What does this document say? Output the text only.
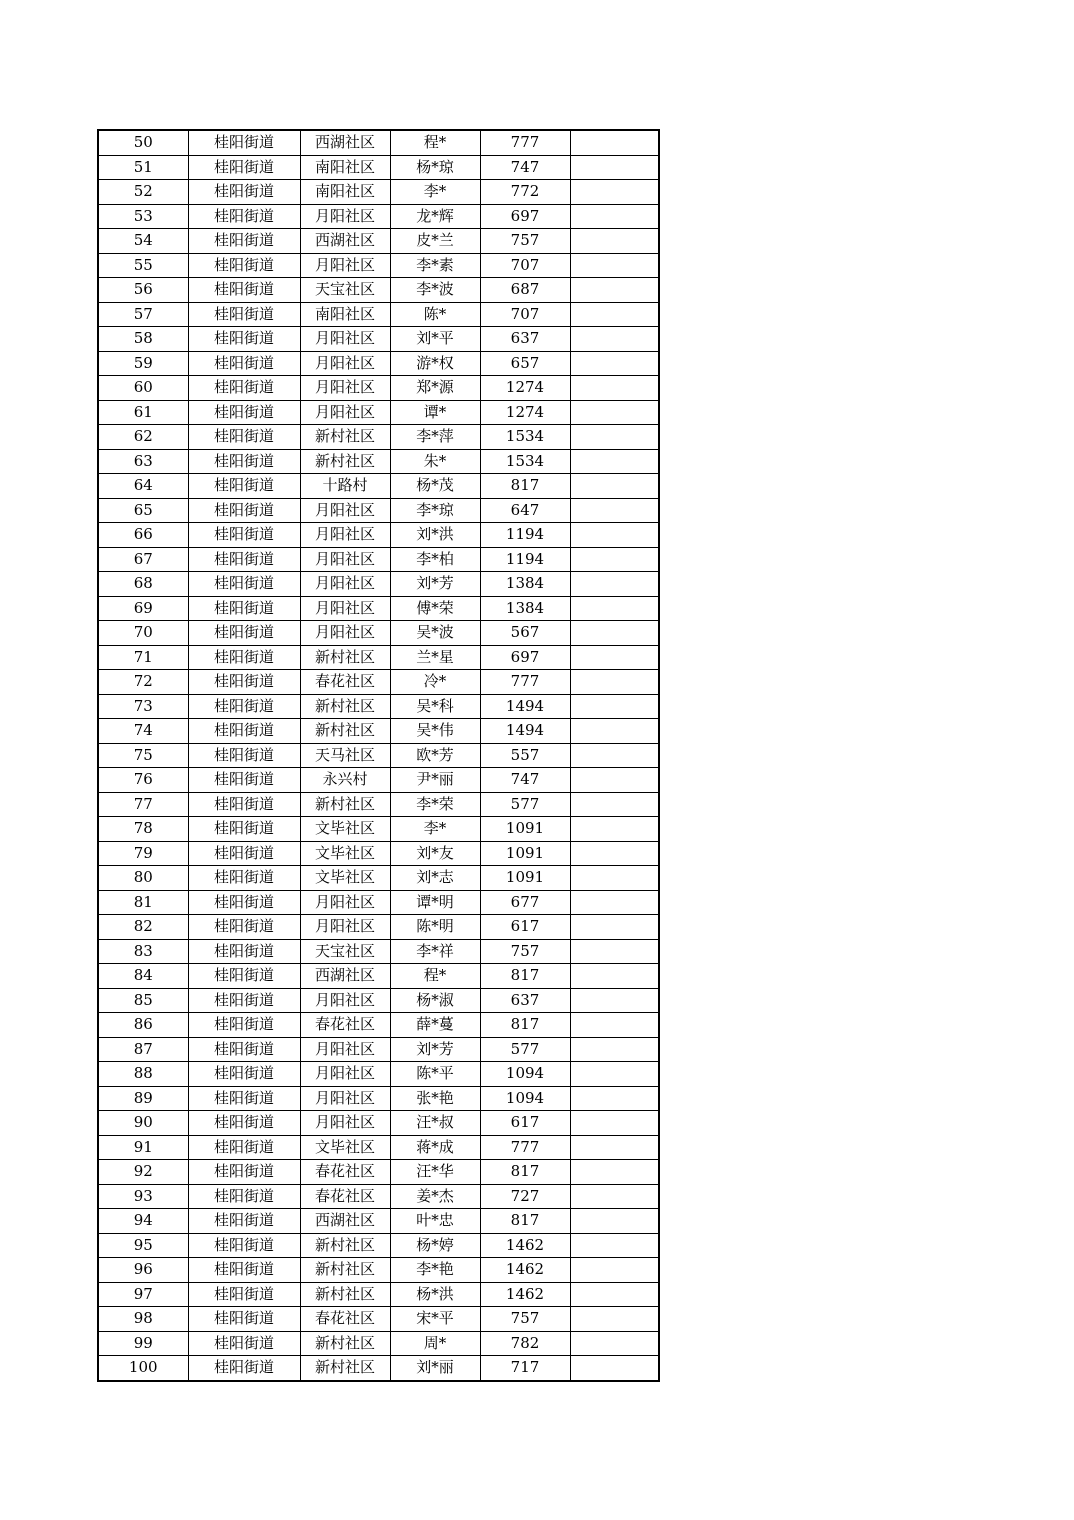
50	桂阳街道	西湖社区	程*	777	
51	桂阳街道	南阳社区	杨*琼	747	
52	桂阳街道	南阳社区	李*	772	
53	桂阳街道	月阳社区	龙*辉	697	
54	桂阳街道	西湖社区	皮*兰	757	
55	桂阳街道	月阳社区	李*素	707	
56	桂阳街道	天宝社区	李*波	687	
57	桂阳街道	南阳社区	陈*	707	
58	桂阳街道	月阳社区	刘*平	637	
59	桂阳街道	月阳社区	游*权	657	
60	桂阳街道	月阳社区	郑*源	1274	
61	桂阳街道	月阳社区	谭*	1274	
62	桂阳街道	新村社区	李*萍	1534	
63	桂阳街道	新村社区	朱*	1534	
64	桂阳街道	十路村	杨*茂	817	
65	桂阳街道	月阳社区	李*琼	647	
66	桂阳街道	月阳社区	刘*洪	1194	
67	桂阳街道	月阳社区	李*柏	1194	
68	桂阳街道	月阳社区	刘*芳	1384	
69	桂阳街道	月阳社区	傅*荣	1384	
70	桂阳街道	月阳社区	吴*波	567	
71	桂阳街道	新村社区	兰*星	697	
72	桂阳街道	春花社区	冷*	777	
73	桂阳街道	新村社区	吴*科	1494	
74	桂阳街道	新村社区	吴*伟	1494	
75	桂阳街道	天马社区	欧*芳	557	
76	桂阳街道	永兴村	尹*丽	747	
77	桂阳街道	新村社区	李*荣	577	
78	桂阳街道	文毕社区	李*	1091	
79	桂阳街道	文毕社区	刘*友	1091	
80	桂阳街道	文毕社区	刘*志	1091	
81	桂阳街道	月阳社区	谭*明	677	
82	桂阳街道	月阳社区	陈*明	617	
83	桂阳街道	天宝社区	李*祥	757	
84	桂阳街道	西湖社区	程*	817	
85	桂阳街道	月阳社区	杨*淑	637	
86	桂阳街道	春花社区	薛*蔓	817	
87	桂阳街道	月阳社区	刘*芳	577	
88	桂阳街道	月阳社区	陈*平	1094	
89	桂阳街道	月阳社区	张*艳	1094	
90	桂阳街道	月阳社区	汪*叔	617	
91	桂阳街道	文毕社区	蒋*成	777	
92	桂阳街道	春花社区	汪*华	817	
93	桂阳街道	春花社区	姜*杰	727	
94	桂阳街道	西湖社区	叶*忠	817	
95	桂阳街道	新村社区	杨*婷	1462	
96	桂阳街道	新村社区	李*艳	1462	
97	桂阳街道	新村社区	杨*洪	1462	
98	桂阳街道	春花社区	宋*平	757	
99	桂阳街道	新村社区	周*	782	
100	桂阳街道	新村社区	刘*丽	717	
